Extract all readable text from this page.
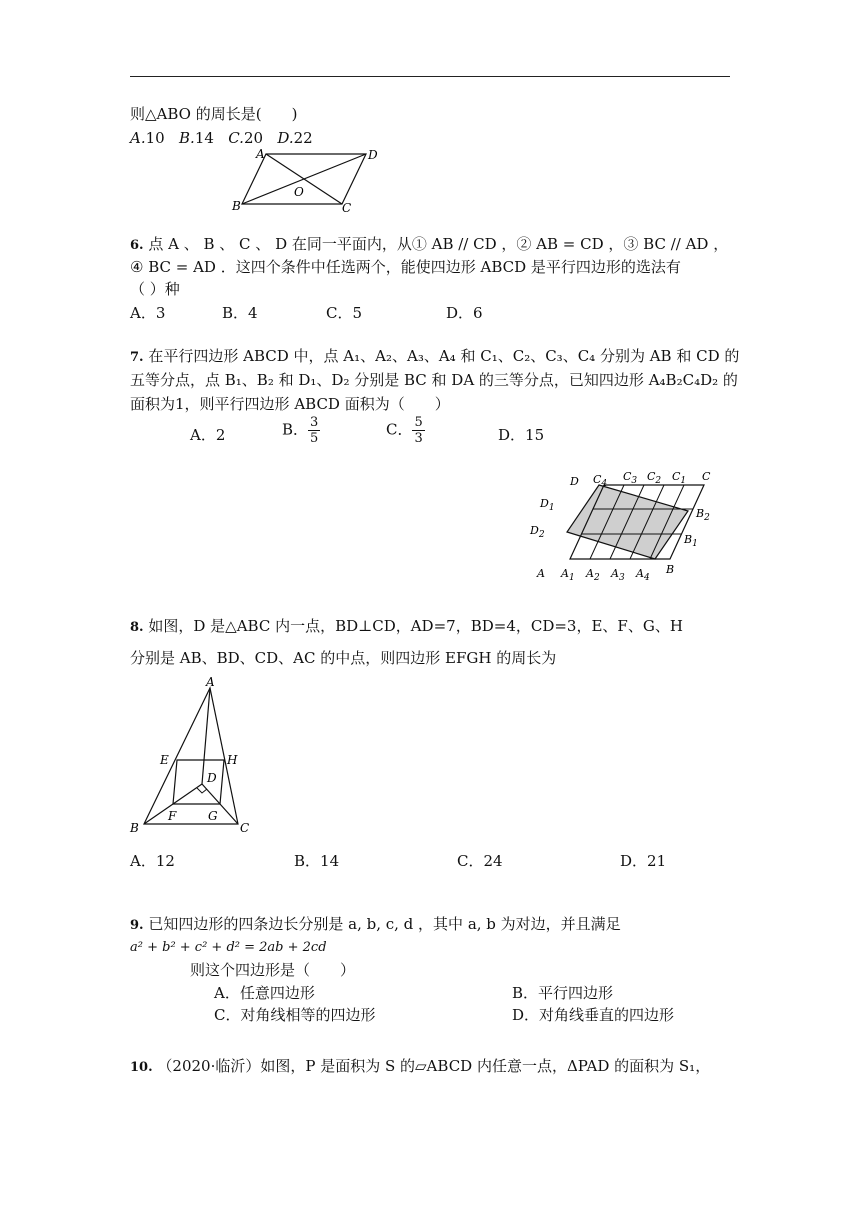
则△ABO 的周长是(　　)
A.10 B.14 C.20 D.22
A	D
B	C
O
6. 点 A 、 B 、 C 、 D 在同一平面内，从① AB // CD ，② AB = CD ，③ BC // AD ，
④ BC = AD ．这四个条件中任选两个，能使四边形 ABCD 是平行四边形的选法有
（ ）种
A．3	B．4	C．5	D．6
7. 在平行四边形 ABCD 中，点 A₁、A₂、A₃、A₄ 和 C₁、C₂、C₃、C₄ 分别为 AB 和 CD 的
五等分点，点 B₁、B₂ 和 D₁、D₂ 分别是 BC 和 DA 的三等分点，已知四边形 A₄B₂C₄D₂ 的
面积为1，则平行四边形 ABCD 面积为（　　）
A．2	B． $\frac{3}{5}$	C． $\frac{5}{3}$	D．15
D $C_4$
$C_3$ $C_2$ $C_1$ C
$D_1$
$D_2$
$B_2$
$B_1$
A $A_1$ $A_2$ $A_3$ $A_4$
B
8. 如图，D 是△ABC 内一点，BD⊥CD，AD=7，BD=4，CD=3，E、F、G、H
分别是 AB、BD、CD、AC 的中点，则四边形 EFGH 的周长为
A
E	H
D
B
F	G
C
A．12	B．14	C．24	D．21
9. 已知四边形的四条边长分别是 a, b, c, d ，其中 a, b 为对边，并且满足
a² + b² + c² + d² = 2ab + 2cd
则这个四边形是（　　）
A．任意四边形	B．平行四边形
C．对角线相等的四边形	D．对角线垂直的四边形
10. （2020·临沂）如图，P 是面积为 S 的▱ABCD 内任意一点，ΔPAD 的面积为 S₁，
